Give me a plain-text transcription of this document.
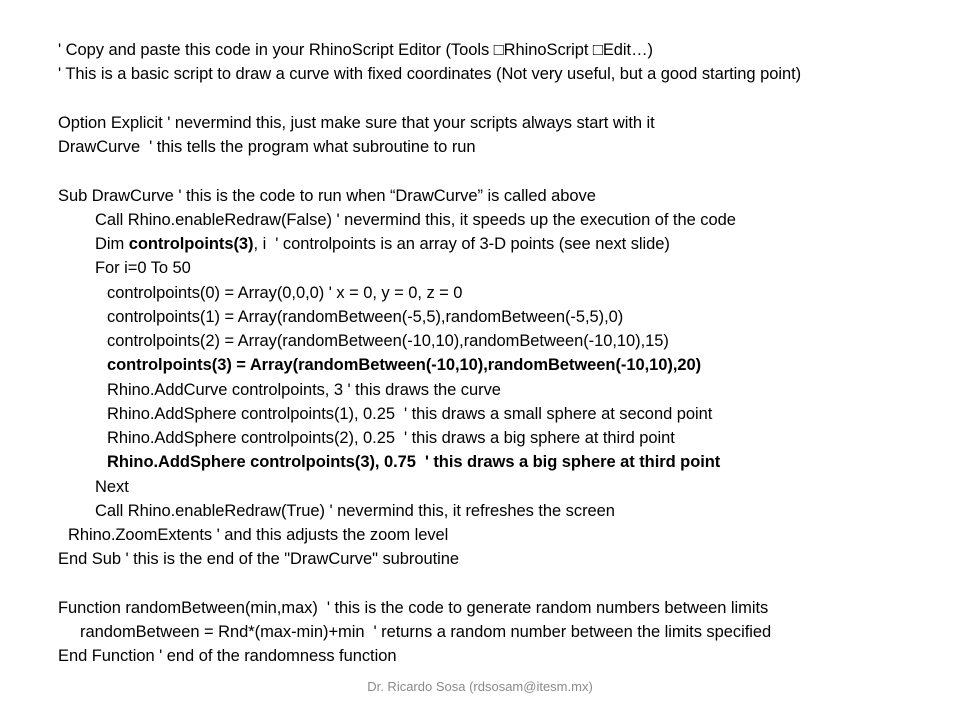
' Copy and paste this code in your RhinoScript Editor (Tools □RhinoScript □Edit…)
' This is a basic script to draw a curve with fixed coordinates (Not very useful, but a good starting point)
Option Explicit ' nevermind this, just make sure that your scripts always start with it
DrawCurve  ' this tells the program what subroutine to run
Sub DrawCurve ' this is the code to run when “DrawCurve” is called above
Call Rhino.enableRedraw(False) ' nevermind this, it speeds up the execution of the code
Dim controlpoints(3), i  ' controlpoints is an array of 3-D points (see next slide)
For i=0 To 50
controlpoints(0) = Array(0,0,0) ' x = 0, y = 0, z = 0
controlpoints(1) = Array(randomBetween(-5,5),randomBetween(-5,5),0)
controlpoints(2) = Array(randomBetween(-10,10),randomBetween(-10,10),15)
controlpoints(3) = Array(randomBetween(-10,10),randomBetween(-10,10),20)
Rhino.AddCurve controlpoints, 3 ' this draws the curve
Rhino.AddSphere controlpoints(1), 0.25  ' this draws a small sphere at second point
Rhino.AddSphere controlpoints(2), 0.25  ' this draws a big sphere at third point
Rhino.AddSphere controlpoints(3), 0.75  ' this draws a big sphere at third point
Next
Call Rhino.enableRedraw(True) ' nevermind this, it refreshes the screen
Rhino.ZoomExtents ' and this adjusts the zoom level
End Sub ' this is the end of the "DrawCurve" subroutine
Function randomBetween(min,max)  ' this is the code to generate random numbers between limits
randomBetween = Rnd*(max-min)+min  ' returns a random number between the limits specified
End Function ' end of the randomness function
Dr. Ricardo Sosa (rdsosam@itesm.mx)
